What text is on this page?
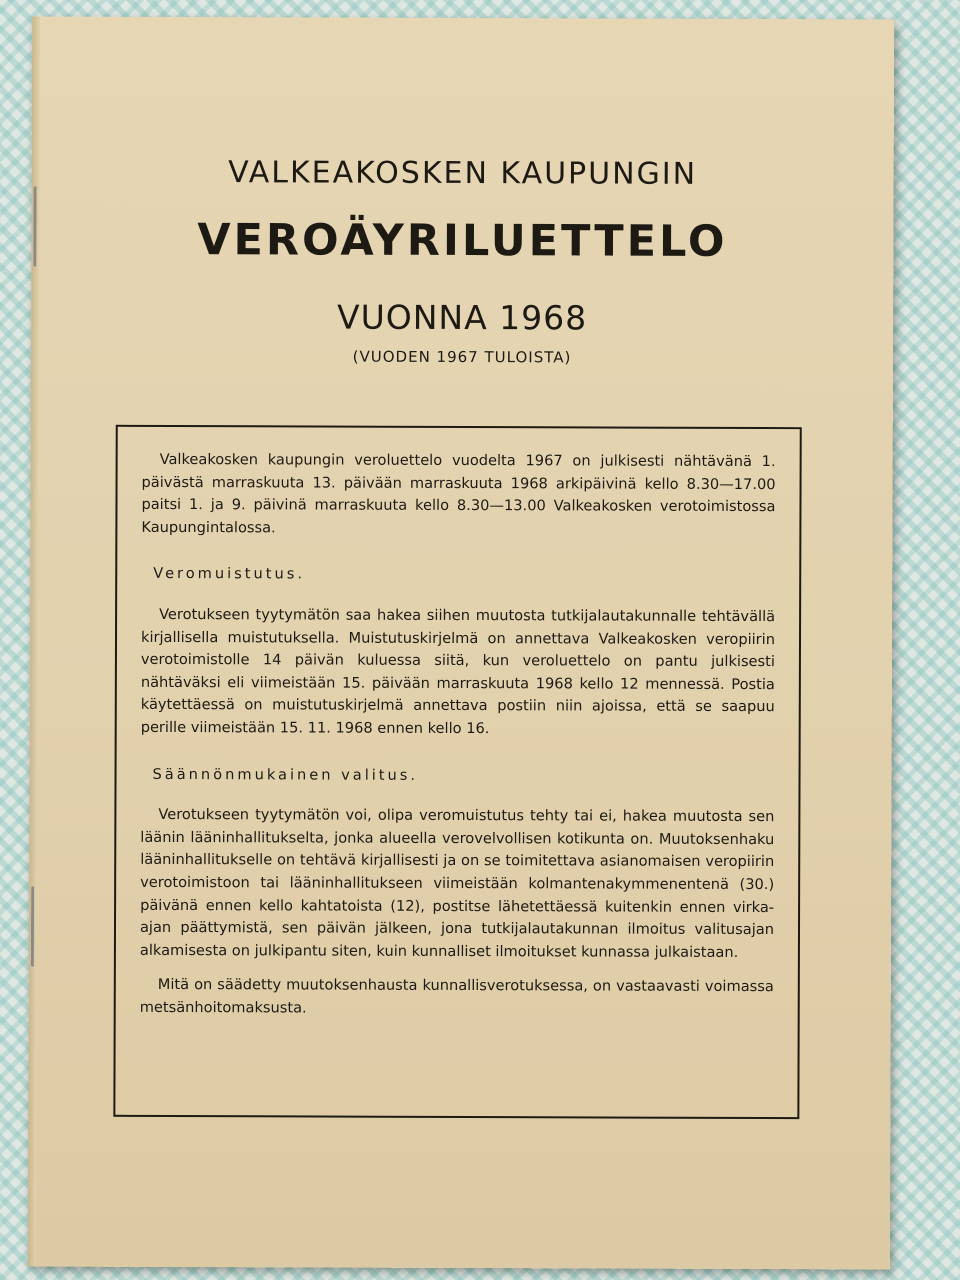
VALKEAKOSKEN KAUPUNGIN
VEROÄYRILUETTELO
VUONNA 1968
(VUODEN 1967 TULOISTA)

Valkeakosken kaupungin veroluettelo vuodelta 1967 on julkisesti nähtävänä 1. päivästä marraskuuta 13. päivään marraskuuta 1968 arkipäivinä kello 8.30—17.00 paitsi 1. ja 9. päivinä marraskuuta kello 8.30—13.00 Valkeakosken verotoimistossa Kaupungintalossa.

Veromuistutus.

Verotukseen tyytymätön saa hakea siihen muutosta tutkijalautakunnalle tehtävällä kirjallisella muistutuksella. Muistutuskirjelmä on annettava Valkeakosken veropiirin verotoimistolle 14 päivän kuluessa siitä, kun veroluettelo on pantu julkisesti nähtäväksi eli viimeistään 15. päivään marraskuuta 1968 kello 12 mennessä. Postia käytettäessä on muistutuskirjelmä annettava postiin niin ajoissa, että se saapuu perille viimeistään 15. 11. 1968 ennen kello 16.

Säännönmukainen valitus.

Verotukseen tyytymätön voi, olipa veromuistutus tehty tai ei, hakea muutosta sen läänin lääninhallitukselta, jonka alueella verovelvollisen kotikunta on. Muutoksenhaku lääninhallitukselle on tehtävä kirjallisesti ja on se toimitettava asianomaisen veropiirin verotoimistoon tai lääninhallitukseen viimeistään kolmantenakymmenentenä (30.) päivänä ennen kello kahtatoista (12), postitse lähetettäessä kuitenkin ennen virka-ajan päättymistä, sen päivän jälkeen, jona tutkijalautakunnan ilmoitus valitusajan alkamisesta on julkipantu siten, kuin kunnalliset ilmoitukset kunnassa julkaistaan.

Mitä on säädetty muutoksenhausta kunnallisverotuksessa, on vastaavasti voimassa metsänhoitomaksusta.
